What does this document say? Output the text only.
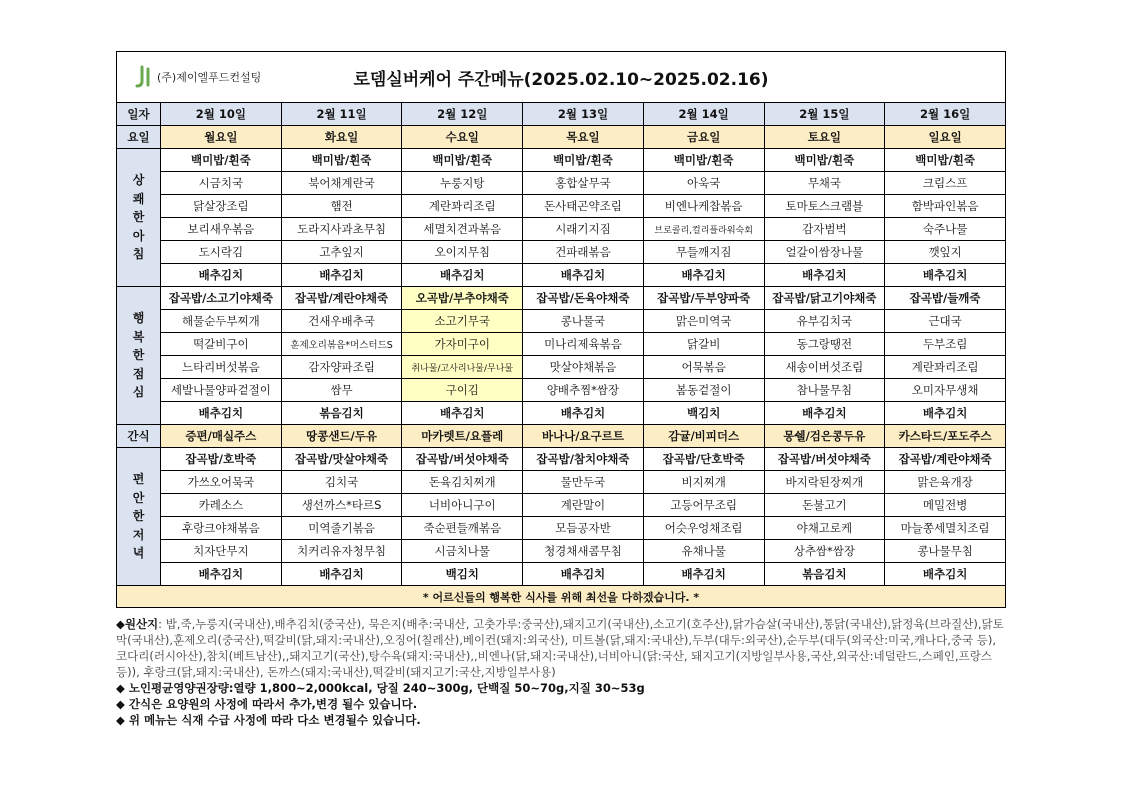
(주)제이엘푸드컨설팅 로뎀실버케어 주간메뉴(2025.02.10~2025.02.16)							
일자	2월 10일	2월 11일	2월 12일	2월 13일	2월 14일	2월 15일	2월 16일
요일	월요일	화요일	수요일	목요일	금요일	토요일	일요일

상
쾌
한
아
침	백미밥/흰죽	백미밥/흰죽	백미밥/흰죽	백미밥/흰죽	백미밥/흰죽	백미밥/흰죽	백미밥/흰죽
	시금치국	북어채계란국	누룽지탕	홍합살무국	아욱국	무채국	크림스프
	닭살장조림	햄전	계란꽈리조림	돈사태곤약조림	비엔나케찹볶음	토마토스크램블	함박파인볶음
	보리새우볶음	도라지사과초무침	세멸치견과볶음	시래기지짐	브로콜리,컬리플라워숙회	감자범벅	숙주나물
	도시락김	고추잎지	오이지무침	건파래볶음	무들깨지짐	얼갈이쌈장나물	깻잎지
	배추김치	배추김치	배추김치	배추김치	배추김치	배추김치	배추김치

행
복
한
점
심	잡곡밥/소고기야채죽	잡곡밥/계란야채죽	오곡밥/부추야채죽	잡곡밥/돈육야채죽	잡곡밥/두부양파죽	잡곡밥/닭고기야채죽	잡곡밥/들깨죽
	해물순두부찌개	건새우배추국	소고기무국	콩나물국	맑은미역국	유부김치국	근대국
	떡갈비구이	훈제오리볶음*머스터드S	가자미구이	미나리제육볶음	닭갈비	동그랑땡전	두부조림
	느타리버섯볶음	감자양파조림	취나물/고사리나물/무나물	맛살야채볶음	어묵볶음	새송이버섯조림	계란꽈리조림
	세발나물양파겉절이	쌈무	구이김	양배추찜*쌈장	봄동겉절이	참나물무침	오미자무생채
	배추김치	볶음김치	배추김치	배추김치	백김치	배추김치	배추김치
간식	증편/매실주스	땅콩샌드/두유	마카렛트/요플레	바나나/요구르트	감귤/비피더스	몽쉘/검은콩두유	카스타드/포도주스

편
안
한
저
녁	잡곡밥/호박죽	잡곡밥/맛살야채죽	잡곡밥/버섯야채죽	잡곡밥/참치야채죽	잡곡밥/단호박죽	잡곡밥/버섯야채죽	잡곡밥/계란야채죽
	가쓰오어묵국	김치국	돈육김치찌개	물만두국	비지찌개	바지락된장찌개	맑은육개장
	카레소스	생선까스*타르S	너비아니구이	계란말이	고등어무조림	돈불고기	메밀전병
	후랑크야채볶음	미역줄기볶음	죽순편들깨볶음	모듬공자반	어슷우엉채조림	야채고로케	마늘쫑세멸치조림
	치자단무지	치커리유자청무침	시금치나물	청경채새콤무침	유채나물	상추쌈*쌈장	콩나물무침
	배추김치	배추김치	백김치	배추김치	배추김치	볶음김치	배추김치
* 어르신들의 행복한 식사를 위해 최선을 다하겠습니다. *							

◆원산지: 밥,죽,누룽지(국내산),배추김치(중국산), 묵은지(배추:국내산, 고춧가루:중국산),돼지고기(국내산),소고기(호주산),닭가슴살(국내산),통닭(국내산),닭정육(브라질산),닭토막(국내산),훈제오리(중국산),떡갈비(닭,돼지:국내산),오징어(칠레산),베이컨(돼지:외국산), 미트볼(닭,돼지:국내산),두부(대두:외국산),순두부(대두(외국산:미국,캐나다,중국 등),코다리(러시아산),참치(베트남산),,돼지고기(국산),탕수육(돼지:국내산),,비엔나(닭,돼지:국내산),너비아니(닭:국산, 돼지고기(지방일부사용,국산,외국산:네덜란드,스페인,프랑스 등)), 후랑크(닭,돼지:국내산), 돈까스(돼지:국내산),떡갈비(돼지고기:국산,지방일부사용)

◆ 노인평균영양권장량:열량 1,800~2,000kcal, 당질 240~300g, 단백질 50~70g,지질 30~53g

◆ 간식은 요양원의 사정에 따라서 추가,변경 될수 있습니다.

◆ 위 메뉴는 식재 수급 사정에 따라 다소 변경될수 있습니다.
